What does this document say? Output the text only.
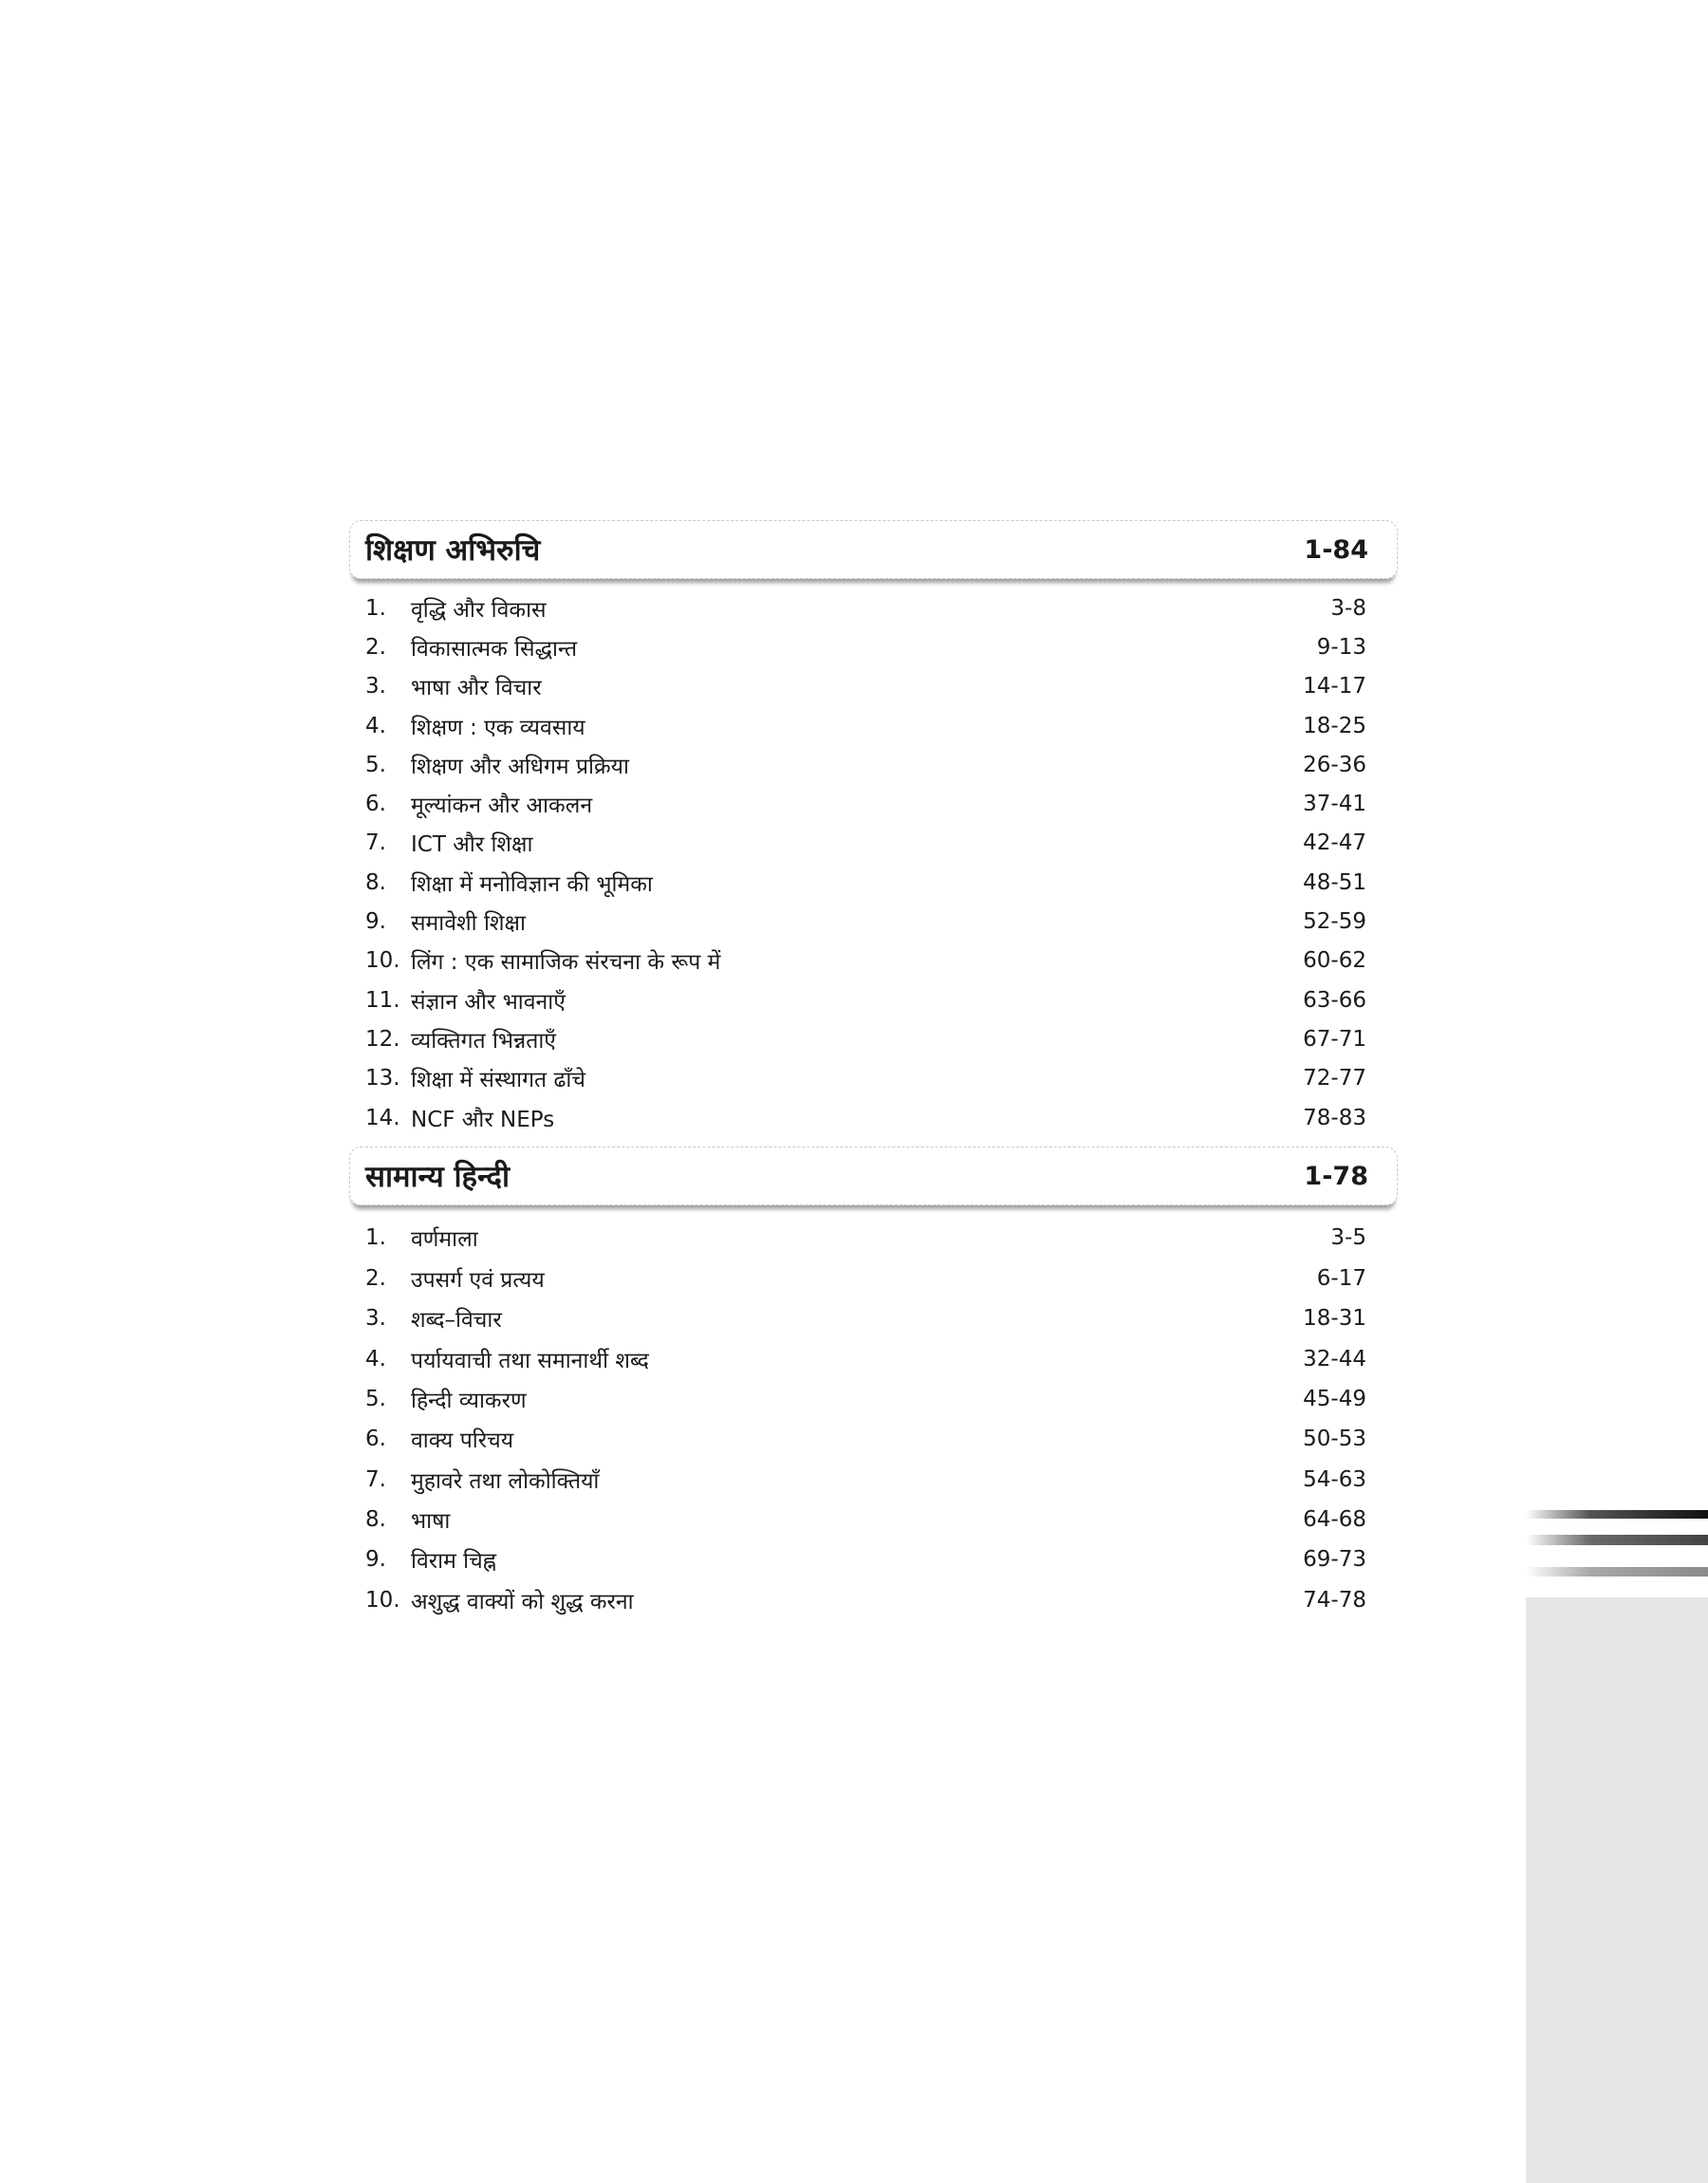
शिक्षण अभिरुचि	1-84
1.	वृद्धि और विकास	3-8
2.	विकासात्मक सिद्धान्त	9-13
3.	भाषा और विचार	14-17
4.	शिक्षण : एक व्यवसाय	18-25
5.	शिक्षण और अधिगम प्रक्रिया	26-36
6.	मूल्यांकन और आकलन	37-41
7.	ICT और शिक्षा	42-47
8.	शिक्षा में मनोविज्ञान की भूमिका	48-51
9.	समावेशी शिक्षा	52-59
10. लिंग : एक सामाजिक संरचना के रूप में	60-62
11. संज्ञान और भावनाएँ	63-66
12. व्यक्तिगत भिन्नताएँ	67-71
13. शिक्षा में संस्थागत ढाँचे	72-77
14. NCF और NEPs	78-83
सामान्य हिन्दी	1-78
1.	वर्णमाला	3-5
2.	उपसर्ग एवं प्रत्यय	6-17
3.	शब्द–विचार	18-31
4.	पर्यायवाची तथा समानार्थी शब्द	32-44
5.	हिन्दी व्याकरण	45-49
6.	वाक्य परिचय	50-53
7.	मुहावरे तथा लोकोक्तियाँ	54-63
8.	भाषा	64-68
9.	विराम चिह्न	69-73
10. अशुद्ध वाक्यों को शुद्ध करना	74-78
